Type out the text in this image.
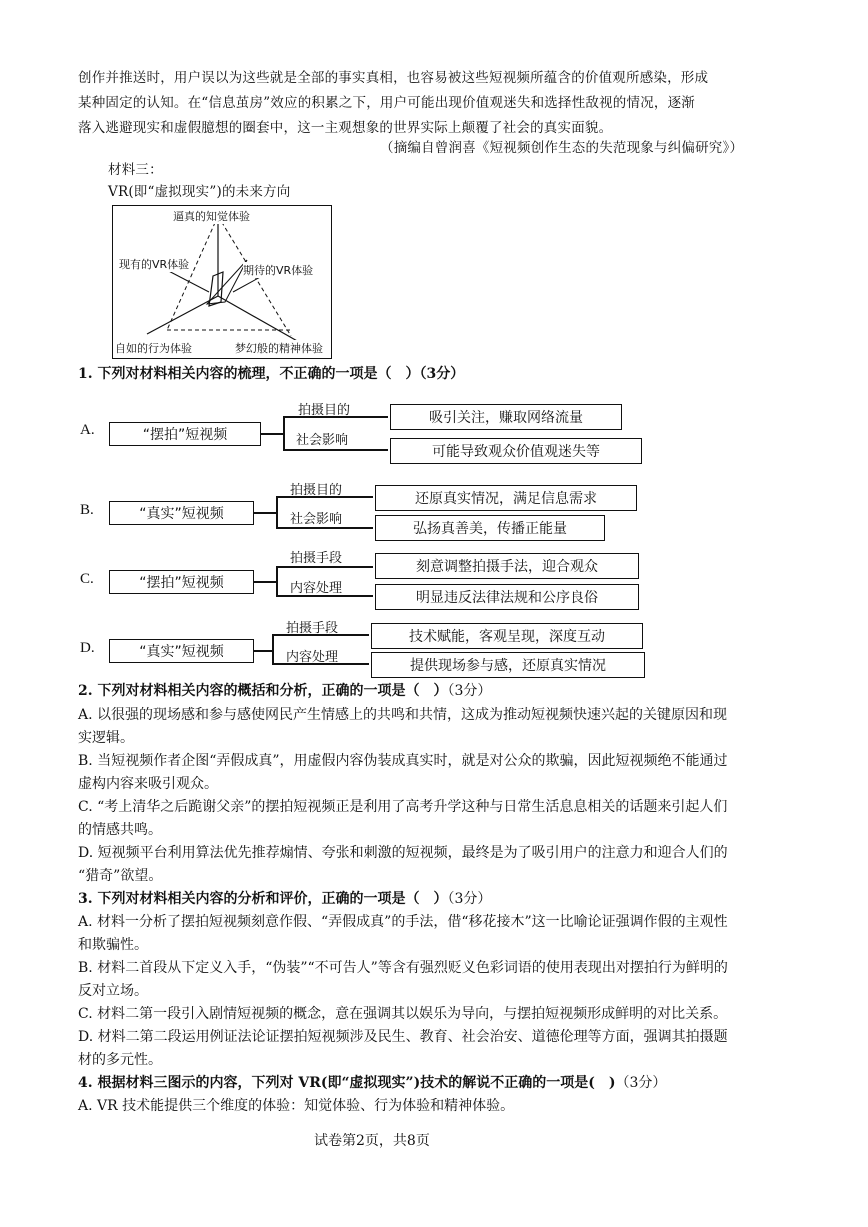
创作并推送时，用户误以为这些就是全部的事实真相，也容易被这些短视频所蕴含的价值观所感染，形成
某种固定的认知。在“信息茧房”效应的积累之下，用户可能出现价值观迷失和选择性敌视的情况，逐渐
落入逃避现实和虚假臆想的圈套中，这一主观想象的世界实际上颠覆了社会的真实面貌。
（摘编自曾润喜《短视频创作生态的失范现象与纠偏研究》）
材料三：
VR(即“虚拟现实”)的未来方向
逼真的知觉体验
现有的VR体验	期待的VR体验
自如的行为体验	梦幻般的精神体验
1. 下列对材料相关内容的梳理，不正确的一项是（　）（3分）
A.	“摆拍”短视频
拍摄目的
社会影响
吸引关注，赚取网络流量
可能导致观众价值观迷失等
B.	“真实”短视频
拍摄目的
社会影响
还原真实情况，满足信息需求
弘扬真善美，传播正能量
C.	“摆拍”短视频
拍摄手段
内容处理
刻意调整拍摄手法，迎合观众
明显违反法律法规和公序良俗
D.	“真实”短视频
拍摄手段
内容处理
技术赋能，客观呈现，深度互动
提供现场参与感，还原真实情况
2. 下列对材料相关内容的概括和分析，正确的一项是（　）（3分）
A. 以很强的现场感和参与感使网民产生情感上的共鸣和共情，这成为推动短视频快速兴起的关键原因和现
实逻辑。
B. 当短视频作者企图“弄假成真”，用虚假内容伪装成真实时，就是对公众的欺骗，因此短视频绝不能通过
虚构内容来吸引观众。
C. “考上清华之后跪谢父亲”的摆拍短视频正是利用了高考升学这种与日常生活息息相关的话题来引起人们
的情感共鸣。
D. 短视频平台利用算法优先推荐煽情、夸张和刺激的短视频，最终是为了吸引用户的注意力和迎合人们的
“猎奇”欲望。
3. 下列对材料相关内容的分析和评价，正确的一项是（　）（3分）
A. 材料一分析了摆拍短视频刻意作假、“弄假成真”的手法，借“移花接木”这一比喻论证强调作假的主观性
和欺骗性。
B. 材料二首段从下定义入手，“伪装”“不可告人”等含有强烈贬义色彩词语的使用表现出对摆拍行为鲜明的
反对立场。
C. 材料二第一段引入剧情短视频的概念，意在强调其以娱乐为导向，与摆拍短视频形成鲜明的对比关系。
D. 材料二第二段运用例证法论证摆拍短视频涉及民生、教育、社会治安、道德伦理等方面，强调其拍摄题
材的多元性。
4. 根据材料三图示的内容，下列对 VR(即“虚拟现实”)技术的解说不正确的一项是(　)（3分）
A. VR 技术能提供三个维度的体验：知觉体验、行为体验和精神体验。
试卷第2页，共8页
